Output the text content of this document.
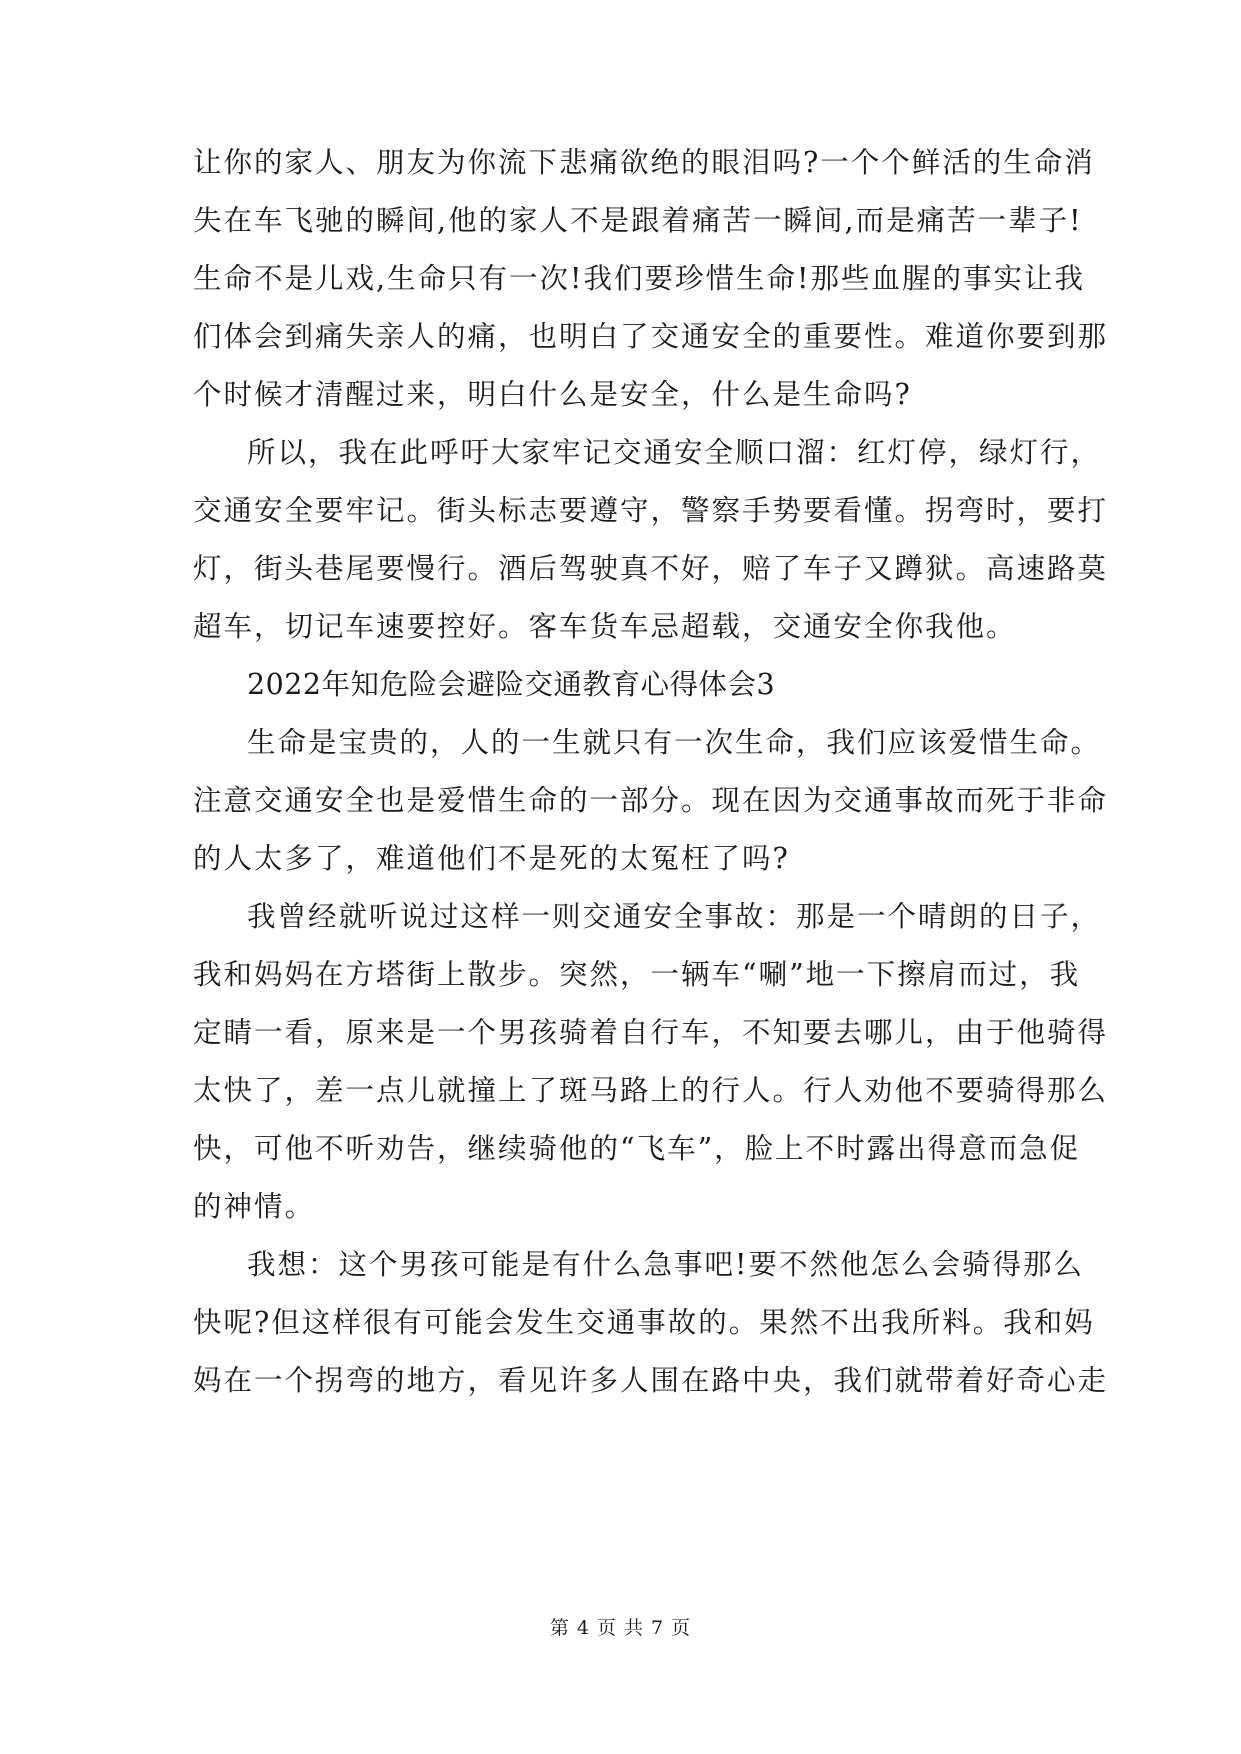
让你的家人、朋友为你流下悲痛欲绝的眼泪吗?一个个鲜活的生命消
失在车飞驰的瞬间,他的家人不是跟着痛苦一瞬间,而是痛苦一辈子!
生命不是儿戏,生命只有一次!我们要珍惜生命!那些血腥的事实让我
们体会到痛失亲人的痛，也明白了交通安全的重要性。难道你要到那
个时候才清醒过来，明白什么是安全，什么是生命吗?
所以，我在此呼吁大家牢记交通安全顺口溜：红灯停，绿灯行，
交通安全要牢记。街头标志要遵守，警察手势要看懂。拐弯时，要打
灯，街头巷尾要慢行。酒后驾驶真不好，赔了车子又蹲狱。高速路莫
超车，切记车速要控好。客车货车忌超载，交通安全你我他。
2022年知危险会避险交通教育心得体会3
生命是宝贵的，人的一生就只有一次生命，我们应该爱惜生命。
注意交通安全也是爱惜生命的一部分。现在因为交通事故而死于非命
的人太多了，难道他们不是死的太冤枉了吗?
我曾经就听说过这样一则交通安全事故：那是一个晴朗的日子，
我和妈妈在方塔街上散步。突然，一辆车“唰”地一下擦肩而过，我
定睛一看，原来是一个男孩骑着自行车，不知要去哪儿，由于他骑得
太快了，差一点儿就撞上了斑马路上的行人。行人劝他不要骑得那么
快，可他不听劝告，继续骑他的“飞车”，脸上不时露出得意而急促
的神情。
我想：这个男孩可能是有什么急事吧!要不然他怎么会骑得那么
快呢?但这样很有可能会发生交通事故的。果然不出我所料。我和妈
妈在一个拐弯的地方，看见许多人围在路中央，我们就带着好奇心走
第 4 页 共 7 页
